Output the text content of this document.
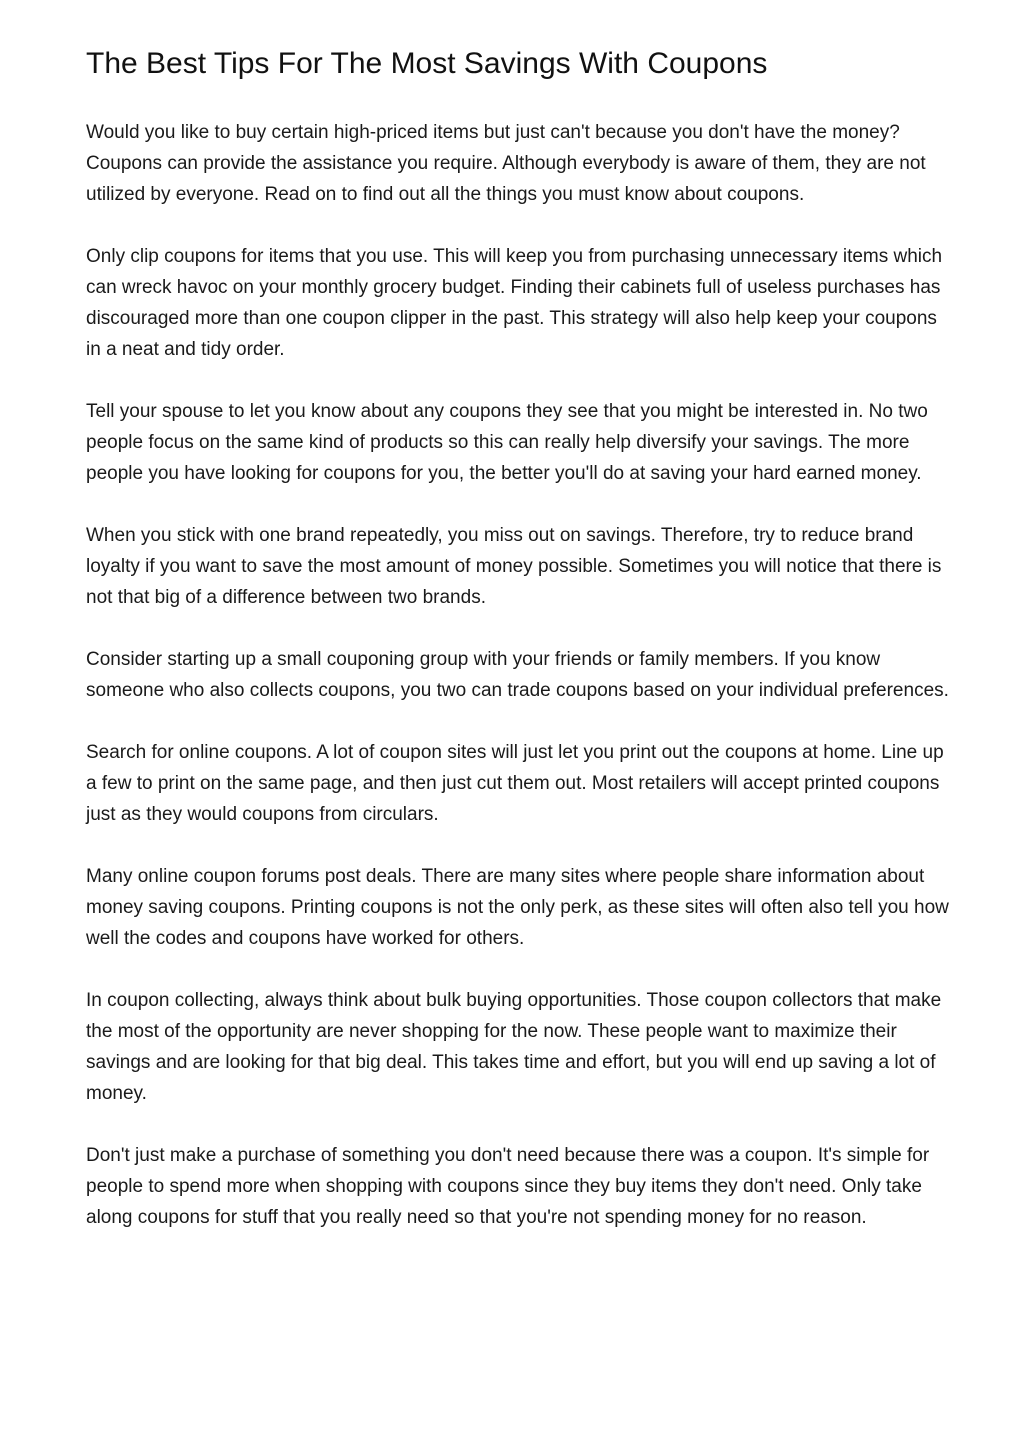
The Best Tips For The Most Savings With Coupons

Would you like to buy certain high-priced items but just can't because you don't have the money? Coupons can provide the assistance you require. Although everybody is aware of them, they are not utilized by everyone. Read on to find out all the things you must know about coupons.

Only clip coupons for items that you use. This will keep you from purchasing unnecessary items which can wreck havoc on your monthly grocery budget. Finding their cabinets full of useless purchases has discouraged more than one coupon clipper in the past. This strategy will also help keep your coupons in a neat and tidy order.

Tell your spouse to let you know about any coupons they see that you might be interested in. No two people focus on the same kind of products so this can really help diversify your savings. The more people you have looking for coupons for you, the better you'll do at saving your hard earned money.

When you stick with one brand repeatedly, you miss out on savings. Therefore, try to reduce brand loyalty if you want to save the most amount of money possible. Sometimes you will notice that there is not that big of a difference between two brands.

Consider starting up a small couponing group with your friends or family members. If you know someone who also collects coupons, you two can trade coupons based on your individual preferences.

Search for online coupons. A lot of coupon sites will just let you print out the coupons at home. Line up a few to print on the same page, and then just cut them out. Most retailers will accept printed coupons just as they would coupons from circulars.

Many online coupon forums post deals. There are many sites where people share information about money saving coupons. Printing coupons is not the only perk, as these sites will often also tell you how well the codes and coupons have worked for others.

In coupon collecting, always think about bulk buying opportunities. Those coupon collectors that make the most of the opportunity are never shopping for the now. These people want to maximize their savings and are looking for that big deal. This takes time and effort, but you will end up saving a lot of money.

Don't just make a purchase of something you don't need because there was a coupon. It's simple for people to spend more when shopping with coupons since they buy items they don't need. Only take along coupons for stuff that you really need so that you're not spending money for no reason.
